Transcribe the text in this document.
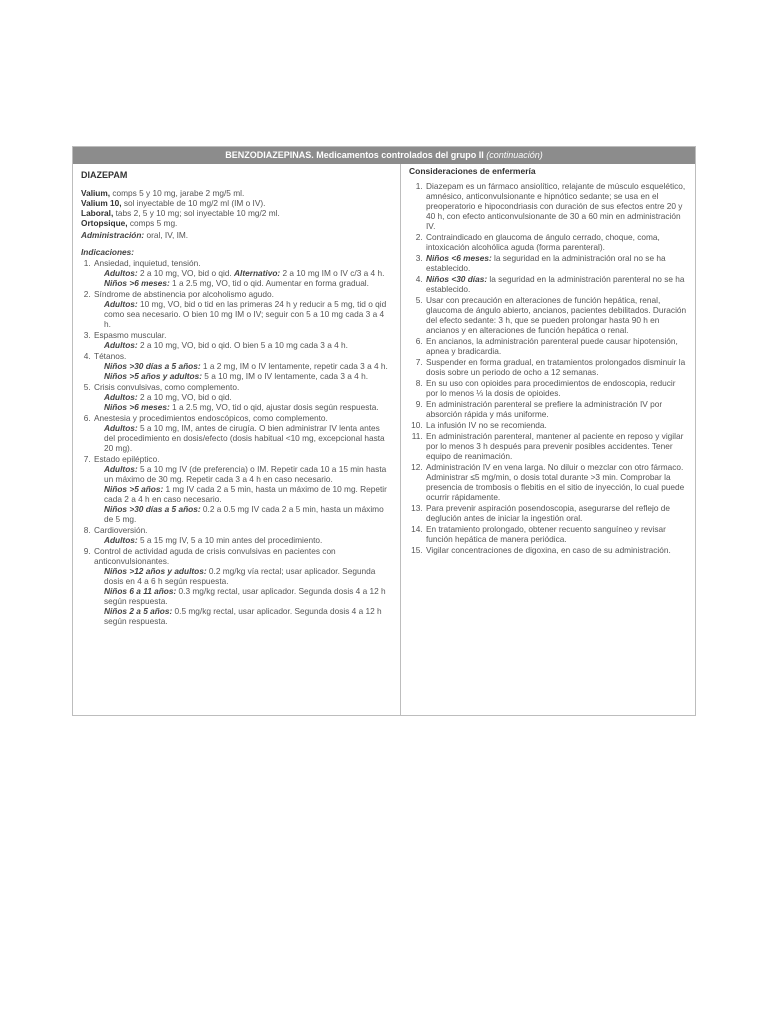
BENZODIAZEPINAS. Medicamentos controlados del grupo II (continuación)
DIAZEPAM
Valium, comps 5 y 10 mg, jarabe 2 mg/5 ml.
Valium 10, sol inyectable de 10 mg/2 ml (IM o IV).
Laboral, tabs 2, 5 y 10 mg; sol inyectable 10 mg/2 ml.
Ortopsique, comps 5 mg.
Administración: oral, IV, IM.
Indicaciones:
1. Ansiedad, inquietud, tensión.
Adultos: 2 a 10 mg, VO, bid o qid. Alternativo: 2 a 10 mg IM o IV c/3 a 4 h.
Niños >6 meses: 1 a 2.5 mg, VO, tid o qid. Aumentar en forma gradual.
2. Síndrome de abstinencia por alcoholismo agudo.
Adultos: 10 mg, VO, bid o tid en las primeras 24 h y reducir a 5 mg, tid o qid como sea necesario. O bien 10 mg IM o IV; seguir con 5 a 10 mg cada 3 a 4 h.
3. Espasmo muscular.
Adultos: 2 a 10 mg, VO, bid o qid. O bien 5 a 10 mg cada 3 a 4 h.
4. Tétanos.
Niños >30 días a 5 años: 1 a 2 mg, IM o IV lentamente, repetir cada 3 a 4 h.
Niños >5 años y adultos: 5 a 10 mg, IM o IV lentamente, cada 3 a 4 h.
5. Crisis convulsivas, como complemento.
Adultos: 2 a 10 mg, VO, bid o qid.
Niños >6 meses: 1 a 2.5 mg, VO, tid o qid, ajustar dosis según respuesta.
6. Anestesia y procedimientos endoscópicos, como complemento.
Adultos: 5 a 10 mg, IM, antes de cirugía. O bien administrar IV lenta antes del procedimiento en dosis/efecto (dosis habitual <10 mg, excepcional hasta 20 mg).
7. Estado epiléptico.
Adultos: 5 a 10 mg IV (de preferencia) o IM. Repetir cada 10 a 15 min hasta un máximo de 30 mg. Repetir cada 3 a 4 h en caso necesario.
Niños >5 años: 1 mg IV cada 2 a 5 min, hasta un máximo de 10 mg. Repetir cada 2 a 4 h en caso necesario.
Niños >30 días a 5 años: 0.2 a 0.5 mg IV cada 2 a 5 min, hasta un máximo de 5 mg.
8. Cardioversión.
Adultos: 5 a 15 mg IV, 5 a 10 min antes del procedimiento.
9. Control de actividad aguda de crisis convulsivas en pacientes con anticonvulsionantes.
Niños >12 años y adultos: 0.2 mg/kg vía rectal; usar aplicador. Segunda dosis en 4 a 6 h según respuesta.
Niños 6 a 11 años: 0.3 mg/kg rectal, usar aplicador. Segunda dosis 4 a 12 h según respuesta.
Niños 2 a 5 años: 0.5 mg/kg rectal, usar aplicador. Segunda dosis 4 a 12 h según respuesta.
Consideraciones de enfermería
1. Diazepam es un fármaco ansiolítico, relajante de músculo esquelético, amnésico, anticonvulsionante e hipnótico sedante; se usa en el preoperatorio e hipocondriasis con duración de sus efectos entre 20 y 40 h, con efecto anticonvulsionante de 30 a 60 min en administración IV.
2. Contraindicado en glaucoma de ángulo cerrado, choque, coma, intoxicación alcohólica aguda (forma parenteral).
3. Niños <6 meses: la seguridad en la administración oral no se ha establecido.
4. Niños <30 días: la seguridad en la administración parenteral no se ha establecido.
5. Usar con precaución en alteraciones de función hepática, renal, glaucoma de ángulo abierto, ancianos, pacientes debilitados. Duración del efecto sedante: 3 h, que se pueden prolongar hasta 90 h en ancianos y en alteraciones de función hepática o renal.
6. En ancianos, la administración parenteral puede causar hipotensión, apnea y bradicardia.
7. Suspender en forma gradual, en tratamientos prolongados disminuir la dosis sobre un periodo de ocho a 12 semanas.
8. En su uso con opioides para procedimientos de endoscopia, reducir por lo menos ⅓ la dosis de opioides.
9. En administración parenteral se prefiere la administración IV por absorción rápida y más uniforme.
10. La infusión IV no se recomienda.
11. En administración parenteral, mantener al paciente en reposo y vigilar por lo menos 3 h después para prevenir posibles accidentes. Tener equipo de reanimación.
12. Administración IV en vena larga. No diluir o mezclar con otro fármaco. Administrar ≤5 mg/min, o dosis total durante >3 min. Comprobar la presencia de trombosis o flebitis en el sitio de inyección, lo cual puede ocurrir rápidamente.
13. Para prevenir aspiración posendoscopia, asegurarse del reflejo de deglución antes de iniciar la ingestión oral.
14. En tratamiento prolongado, obtener recuento sanguíneo y revisar función hepática de manera periódica.
15. Vigilar concentraciones de digoxina, en caso de su administración.
